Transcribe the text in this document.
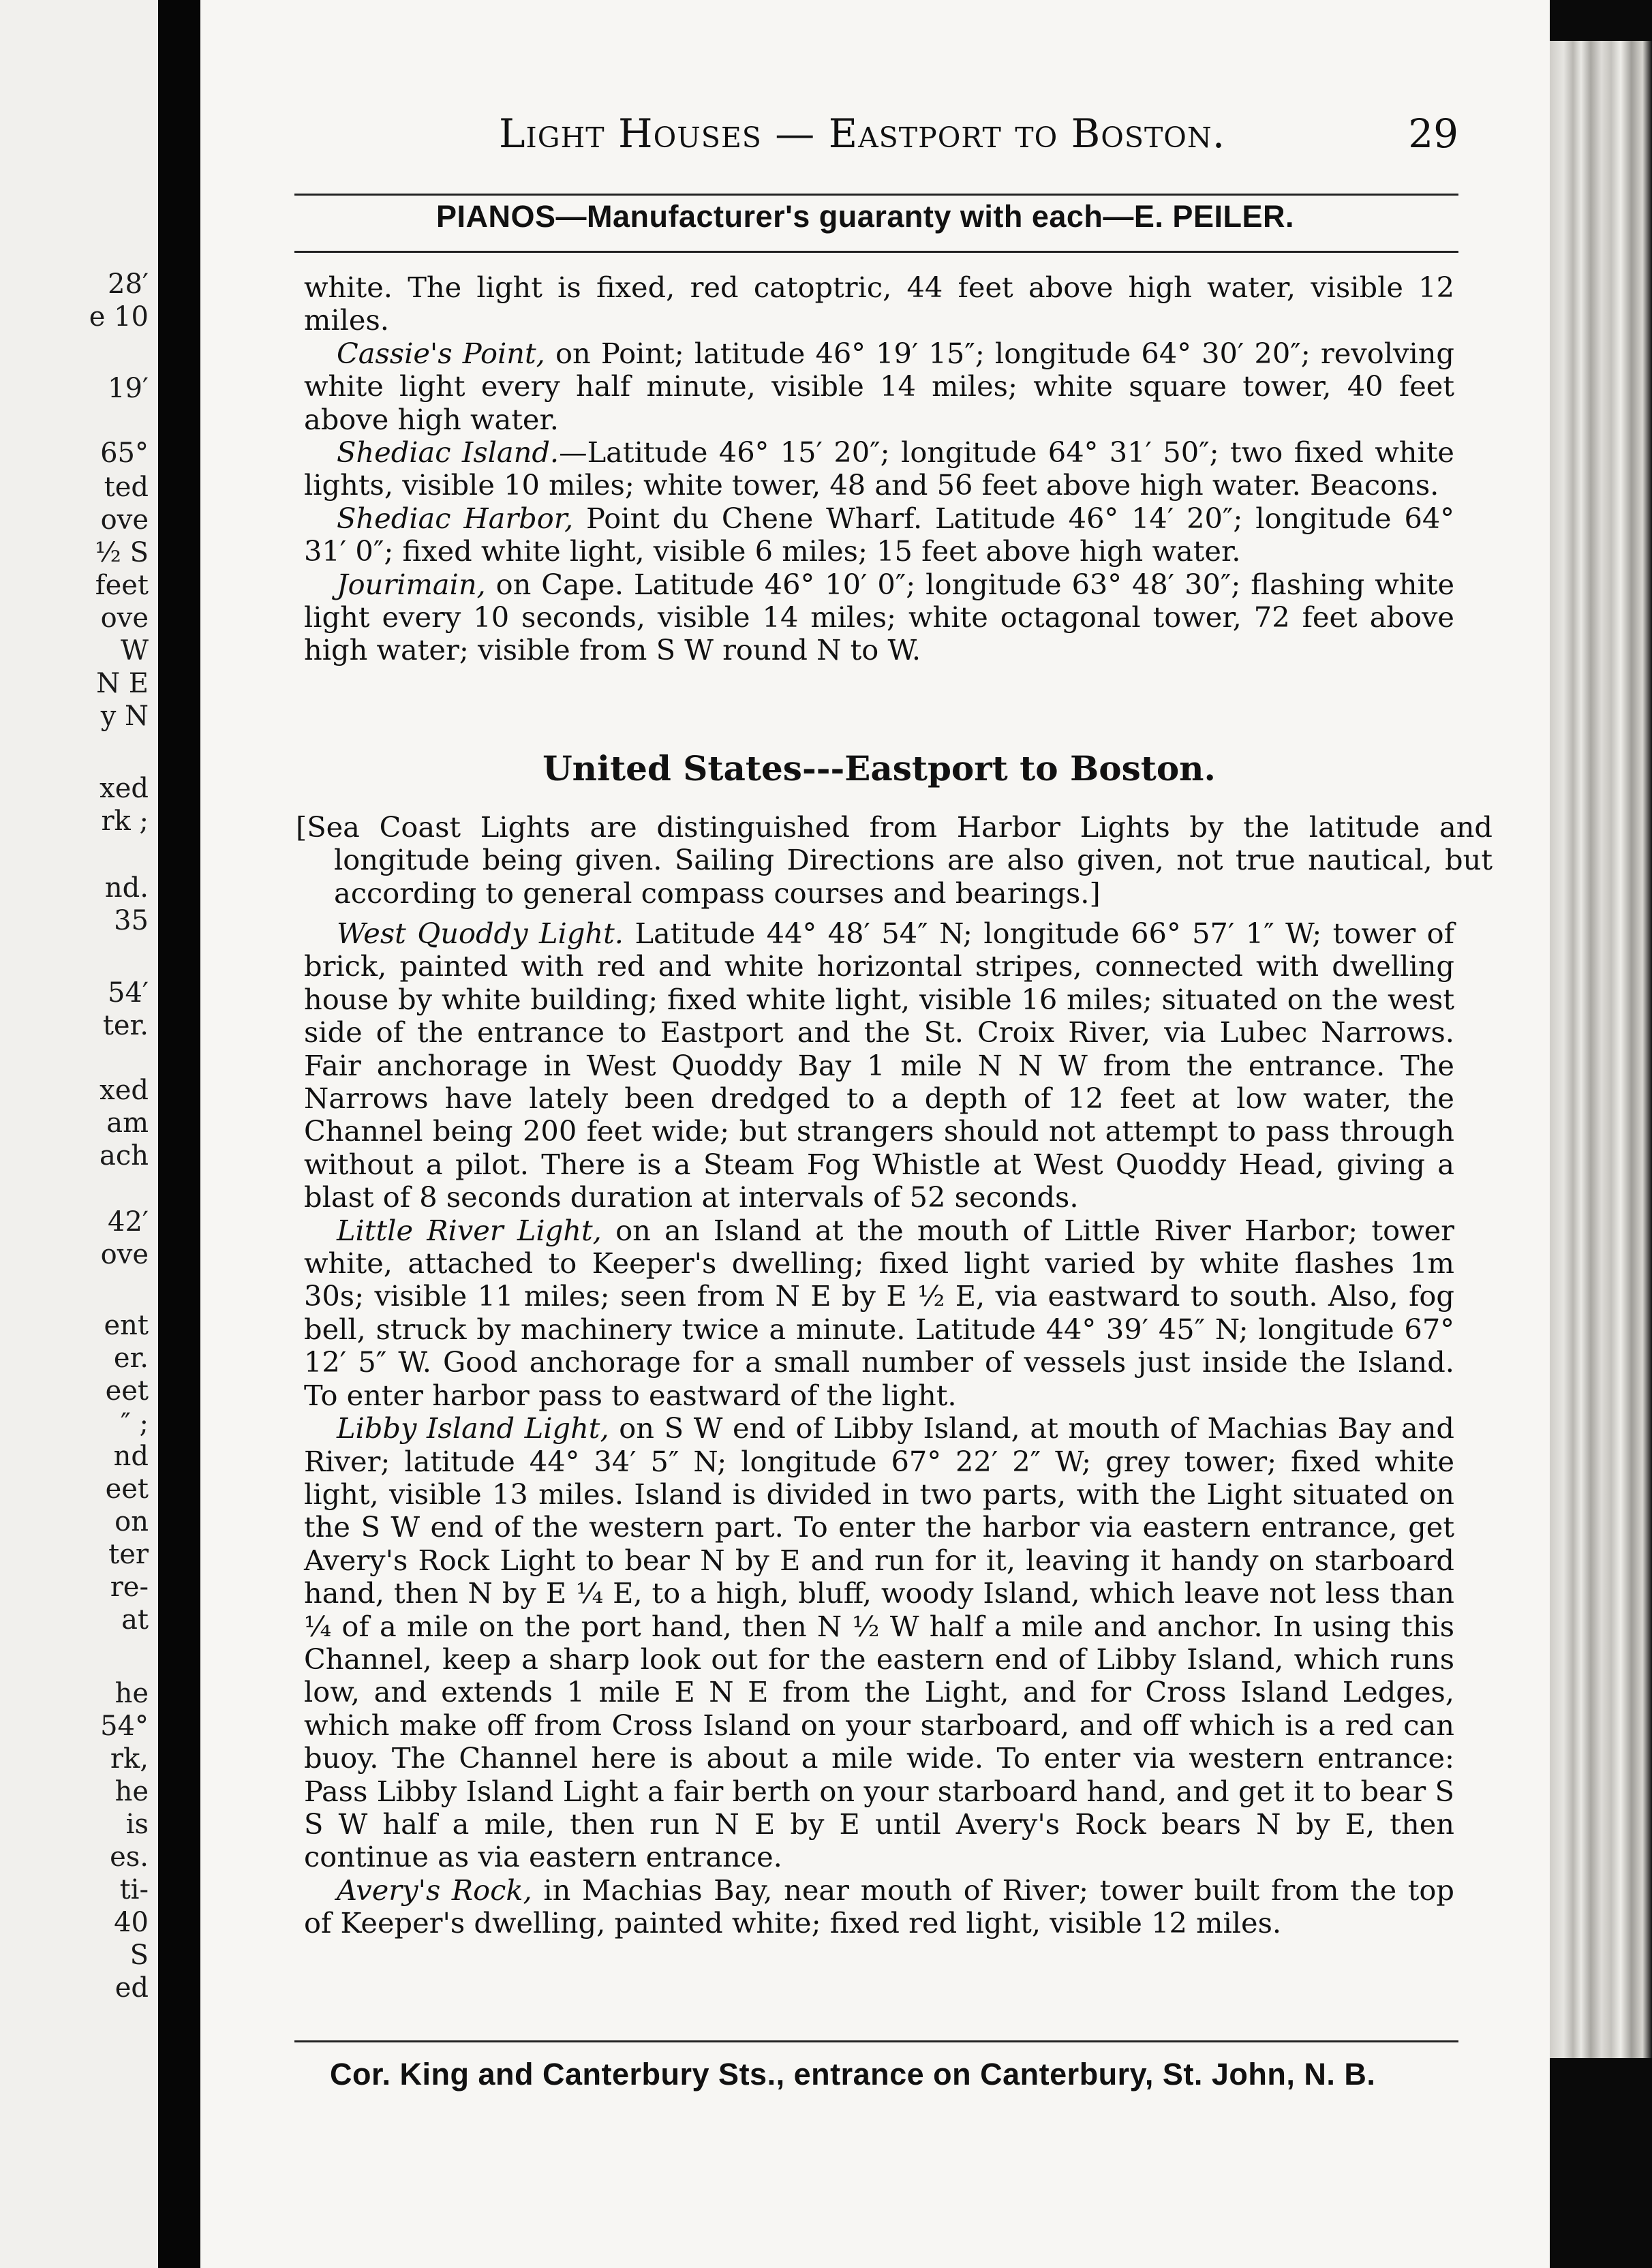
28′
e 10
19′
65°
ted
ove
½ S
feet
ove
W
N E
y N
xed
rk ;
nd.
35
54′
ter.
xed
am
ach
42′
ove
ent
er.
eet
″ ;
nd
eet
on
ter
re-
at
he
54°
rk,
he
is
es.
ti-
40
S
ed
Light Houses — Eastport to Boston.	29
PIANOS—Manufacturer's guaranty with each—E. PEILER.

white. The light is fixed, red catoptric, 44 feet above high water, visible 12 miles.

Cassie's Point, on Point; latitude 46° 19′ 15″; longitude 64° 30′ 20″; revolving white light every half minute, visible 14 miles; white square tower, 40 feet above high water.

Shediac Island.—Latitude 46° 15′ 20″; longitude 64° 31′ 50″; two fixed white lights, visible 10 miles; white tower, 48 and 56 feet above high water. Beacons.

Shediac Harbor, Point du Chene Wharf. Latitude 46° 14′ 20″; longitude 64° 31′ 0″; fixed white light, visible 6 miles; 15 feet above high water.

Jourimain, on Cape. Latitude 46° 10′ 0″; longitude 63° 48′ 30″; flashing white light every 10 seconds, visible 14 miles; white octagonal tower, 72 feet above high water; visible from S W round N to W.

United States---Eastport to Boston.
[Sea Coast Lights are distinguished from Harbor Lights by the latitude and longitude being given. Sailing Directions are also given, not true nautical, but according to general compass courses and bearings.]

West Quoddy Light. Latitude 44° 48′ 54″ N; longitude 66° 57′ 1″ W; tower of brick, painted with red and white horizontal stripes, connected with dwelling house by white building; fixed white light, visible 16 miles; situated on the west side of the entrance to Eastport and the St. Croix River, via Lubec Narrows. Fair anchorage in West Quoddy Bay 1 mile N N W from the entrance. The Narrows have lately been dredged to a depth of 12 feet at low water, the Channel being 200 feet wide; but strangers should not attempt to pass through without a pilot. There is a Steam Fog Whistle at West Quoddy Head, giving a blast of 8 seconds duration at intervals of 52 seconds.

Little River Light, on an Island at the mouth of Little River Harbor; tower white, attached to Keeper's dwelling; fixed light varied by white flashes 1m 30s; visible 11 miles; seen from N E by E ½ E, via eastward to south. Also, fog bell, struck by machinery twice a minute. Latitude 44° 39′ 45″ N; longitude 67° 12′ 5″ W. Good anchorage for a small number of vessels just inside the Island. To enter harbor pass to eastward of the light.

Libby Island Light, on S W end of Libby Island, at mouth of Machias Bay and River; latitude 44° 34′ 5″ N; longitude 67° 22′ 2″ W; grey tower; fixed white light, visible 13 miles. Island is divided in two parts, with the Light situated on the S W end of the western part. To enter the harbor via eastern entrance, get Avery's Rock Light to bear N by E and run for it, leaving it handy on starboard hand, then N by E ¼ E, to a high, bluff, woody Island, which leave not less than ¼ of a mile on the port hand, then N ½ W half a mile and anchor. In using this Channel, keep a sharp look out for the eastern end of Libby Island, which runs low, and extends 1 mile E N E from the Light, and for Cross Island Ledges, which make off from Cross Island on your starboard, and off which is a red can buoy. The Channel here is about a mile wide. To enter via western entrance: Pass Libby Island Light a fair berth on your starboard hand, and get it to bear S S W half a mile, then run N E by E until Avery's Rock bears N by E, then continue as via eastern entrance.

Avery's Rock, in Machias Bay, near mouth of River; tower built from the top of Keeper's dwelling, painted white; fixed red light, visible 12 miles.

Cor. King and Canterbury Sts., entrance on Canterbury, St. John, N. B.
